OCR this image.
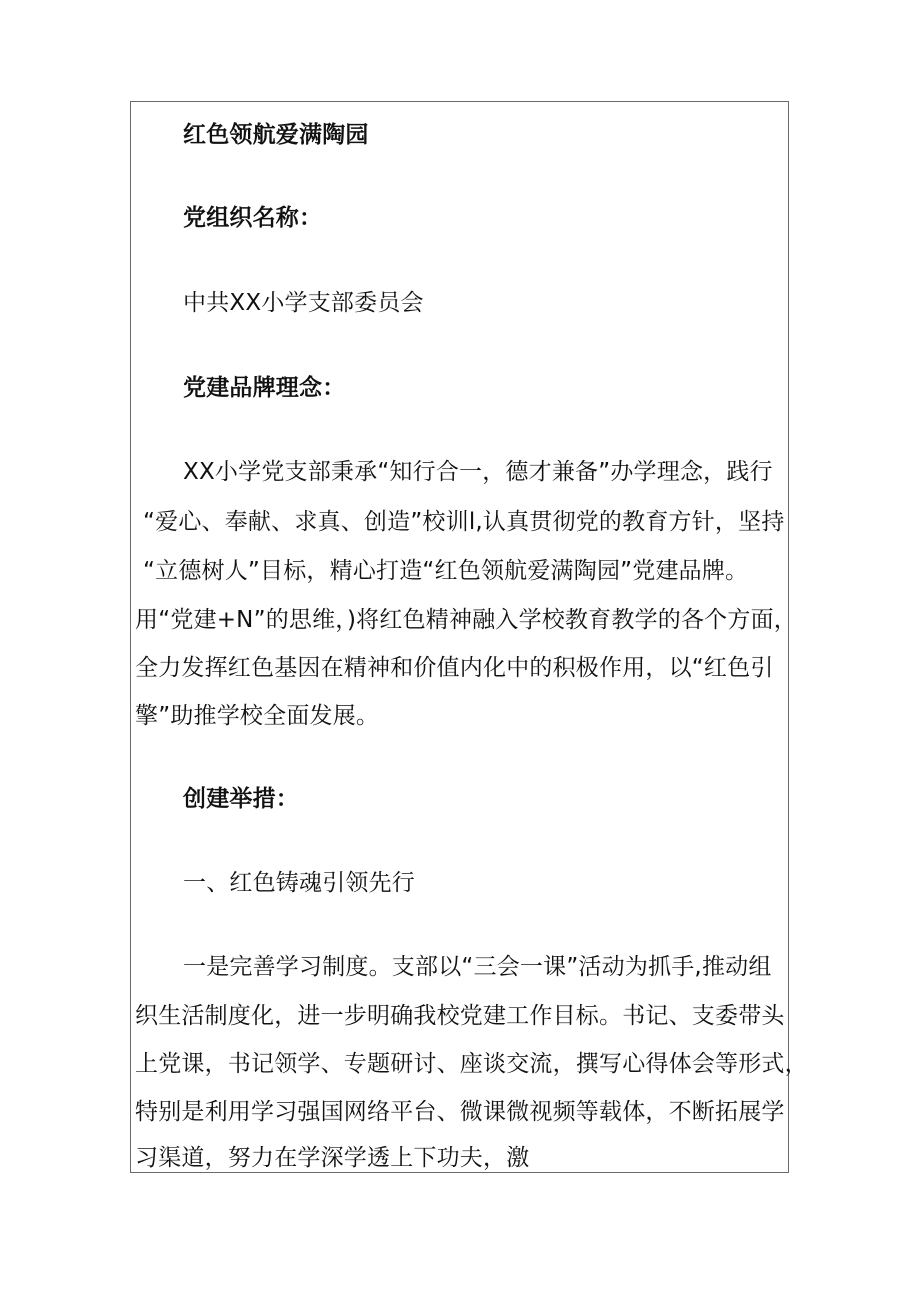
红色领航爱满陶园
党组织名称：
中共XX小学支部委员会
党建品牌理念：
XX小学党支部秉承“知行合一，德才兼备”办学理念，践行
“爱心、奉献、求真、创造”校训l,认真贯彻党的教育方针，坚持
“立德树人”目标，精心打造“红色领航爱满陶园”党建品牌。
用“党建+N”的思维，)将红色精神融入学校教育教学的各个方面，
全力发挥红色基因在精神和价值内化中的积极作用，以“红色引
擎”助推学校全面发展。
创建举措：
一、红色铸魂引领先行
一是完善学习制度。支部以“三会一课”活动为抓手,推动组
织生活制度化，进一步明确我校党建工作目标。书记、支委带头
上党课，书记领学、专题研讨、座谈交流，撰写心得体会等形式，
特别是利用学习强国网络平台、微课微视频等载体，不断拓展学
习渠道，努力在学深学透上下功夫，激
